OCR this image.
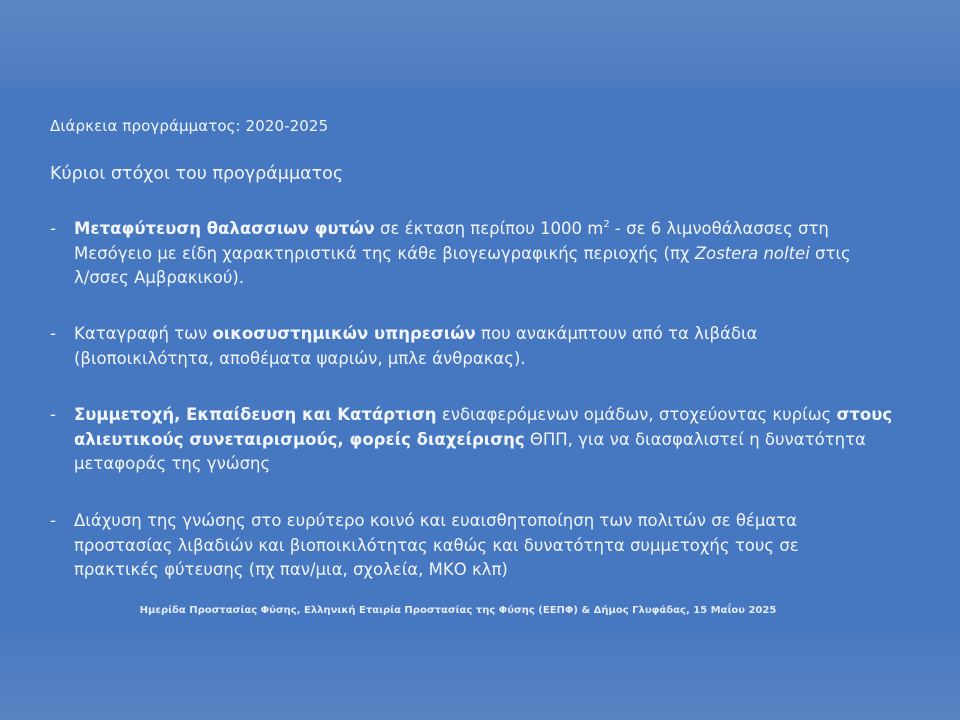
Διάρκεια προγράμματος: 2020-2025
Κύριοι στόχοι του προγράμματος
- Μεταφύτευση θαλασσιων φυτών σε έκταση περίπου 1000 $m^2$ - σε 6 λιμνοθάλασσες στη
Μεσόγειο με είδη χαρακτηριστικά της κάθε βιογεωγραφικής περιοχής (πχ Zostera noltei στις
λ/σσες Αμβρακικού).
- Καταγραφή των οικοσυστημικών υπηρεσιών που ανακάμπτουν από τα λιβάδια
(βιοποικιλότητα, αποθέματα ψαριών, μπλε άνθρακας).
- Συμμετοχή, Εκπαίδευση και Κατάρτιση ενδιαφερόμενων ομάδων, στοχεύοντας κυρίως στους
αλιευτικούς συνεταιρισμούς, φορείς διαχείρισης ΘΠΠ, για να διασφαλιστεί η δυνατότητα
μεταφοράς της γνώσης
- Διάχυση της γνώσης στο ευρύτερο κοινό και ευαισθητοποίηση των πολιτών σε θέματα
προστασίας λιβαδιών και βιοποικιλότητας καθώς και δυνατότητα συμμετοχής τους σε
πρακτικές φύτευσης (πχ παν/μια, σχολεία, ΜΚΟ κλπ)
Ημερίδα Προστασίας Φύσης, Ελληνική Εταιρία Προστασίας της Φύσης (ΕΕΠΦ) & Δήμος Γλυφάδας, 15 Μαΐου 2025
